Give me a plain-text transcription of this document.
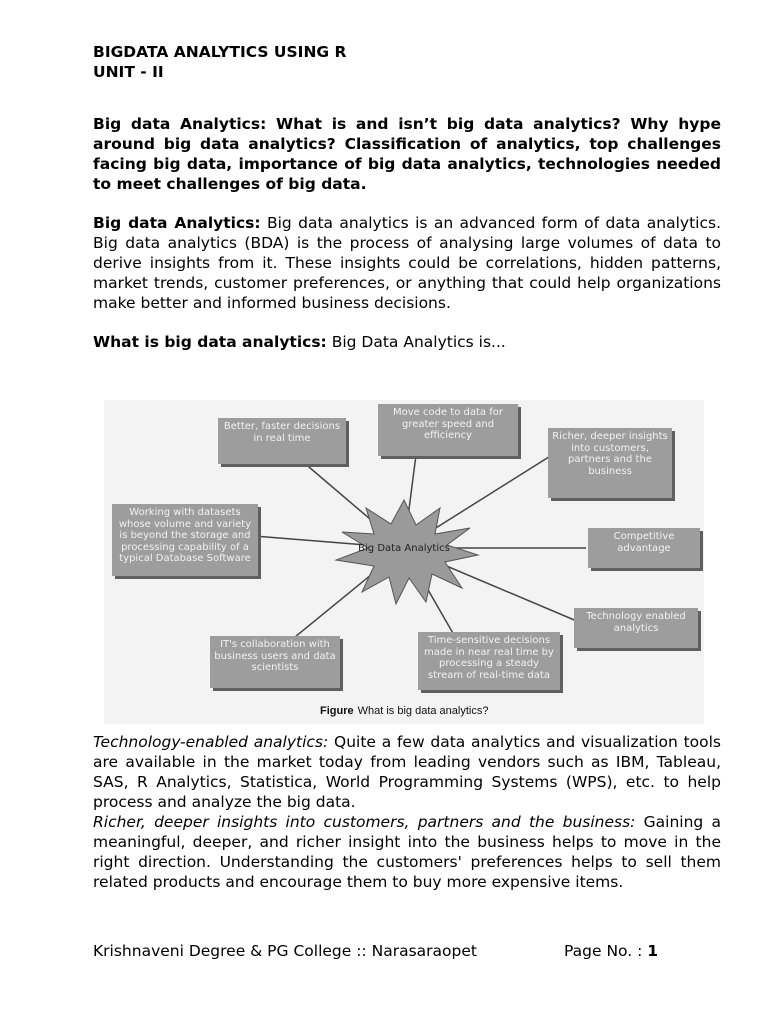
BIGDATA ANALYTICS USING R

UNIT - II

Big data Analytics: What is and isn’t big data analytics? Why hype around big data analytics? Classification of analytics, top challenges facing big data, importance of big data analytics, technologies needed to meet challenges of big data.

Big data Analytics: Big data analytics is an advanced form of data analytics. Big data analytics (BDA) is the process of analysing large volumes of data to derive insights from it. These insights could be correlations, hidden patterns, market trends, customer preferences, or anything that could help organizations make better and informed business decisions.

What is big data analytics: Big Data Analytics is...

Big Data Analytics
Better, faster decisions in real time
Move code to data for greater speed and efficiency	Richer, deeper insights into customers, partners and the business
Working with datasets whose volume and variety is beyond the storage and processing capability of a typical Database Software
Competitive advantage
Technology enabled analytics
IT's collaboration with business users and data scientists
Time-sensitive decisions made in near real time by processing a steady stream of real-time data
Figure What is big data analytics?

Technology-enabled analytics: Quite a few data analytics and visualization tools are available in the market today from leading vendors such as IBM, Tableau, SAS, R Analytics, Statistica, World Programming Systems (WPS), etc. to help process and analyze the big data.

Richer, deeper insights into customers, partners and the business: Gaining a meaningful, deeper, and richer insight into the business helps to move in the right direction. Understanding the customers' preferences helps to sell them related products and encourage them to buy more expensive items.

Krishnaveni Degree & PG College :: Narasaraopet	Page No. : 1
